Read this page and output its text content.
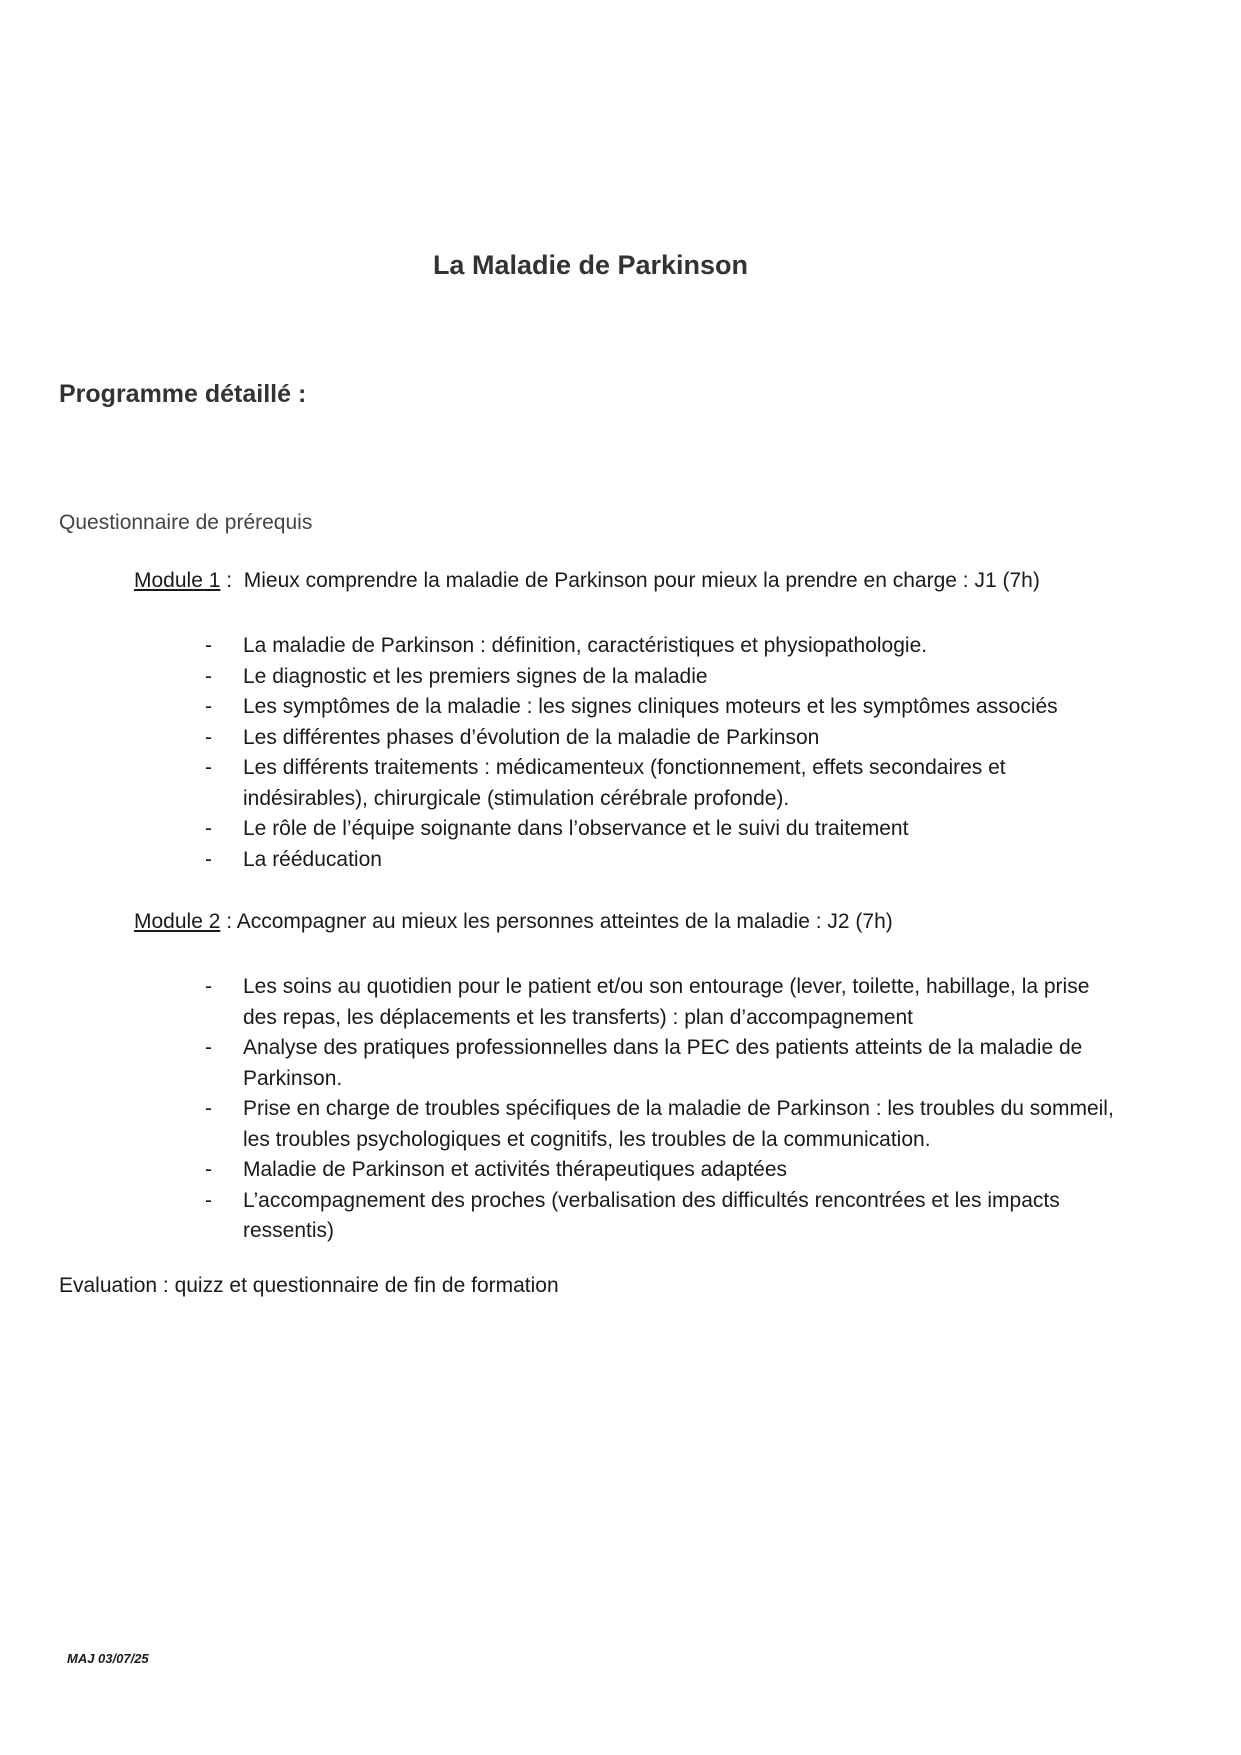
La Maladie de Parkinson
Programme détaillé :
Questionnaire de prérequis
Module 1 :  Mieux comprendre la maladie de Parkinson pour mieux la prendre en charge : J1 (7h)
- La maladie de Parkinson : définition, caractéristiques et physiopathologie.
- Le diagnostic et les premiers signes de la maladie
- Les symptômes de la maladie : les signes cliniques moteurs et les symptômes associés
- Les différentes phases d’évolution de la maladie de Parkinson
- Les différents traitements : médicamenteux (fonctionnement, effets secondaires et indésirables), chirurgicale (stimulation cérébrale profonde).
- Le rôle de l’équipe soignante dans l’observance et le suivi du traitement
- La rééducation
Module 2 : Accompagner au mieux les personnes atteintes de la maladie : J2 (7h)
- Les soins au quotidien pour le patient et/ou son entourage (lever, toilette, habillage, la prise des repas, les déplacements et les transferts) : plan d’accompagnement
- Analyse des pratiques professionnelles dans la PEC des patients atteints de la maladie de Parkinson.
- Prise en charge de troubles spécifiques de la maladie de Parkinson : les troubles du sommeil, les troubles psychologiques et cognitifs, les troubles de la communication.
- Maladie de Parkinson et activités thérapeutiques adaptées
- L’accompagnement des proches (verbalisation des difficultés rencontrées et les impacts ressentis)
Evaluation : quizz et questionnaire de fin de formation
MAJ 03/07/25
